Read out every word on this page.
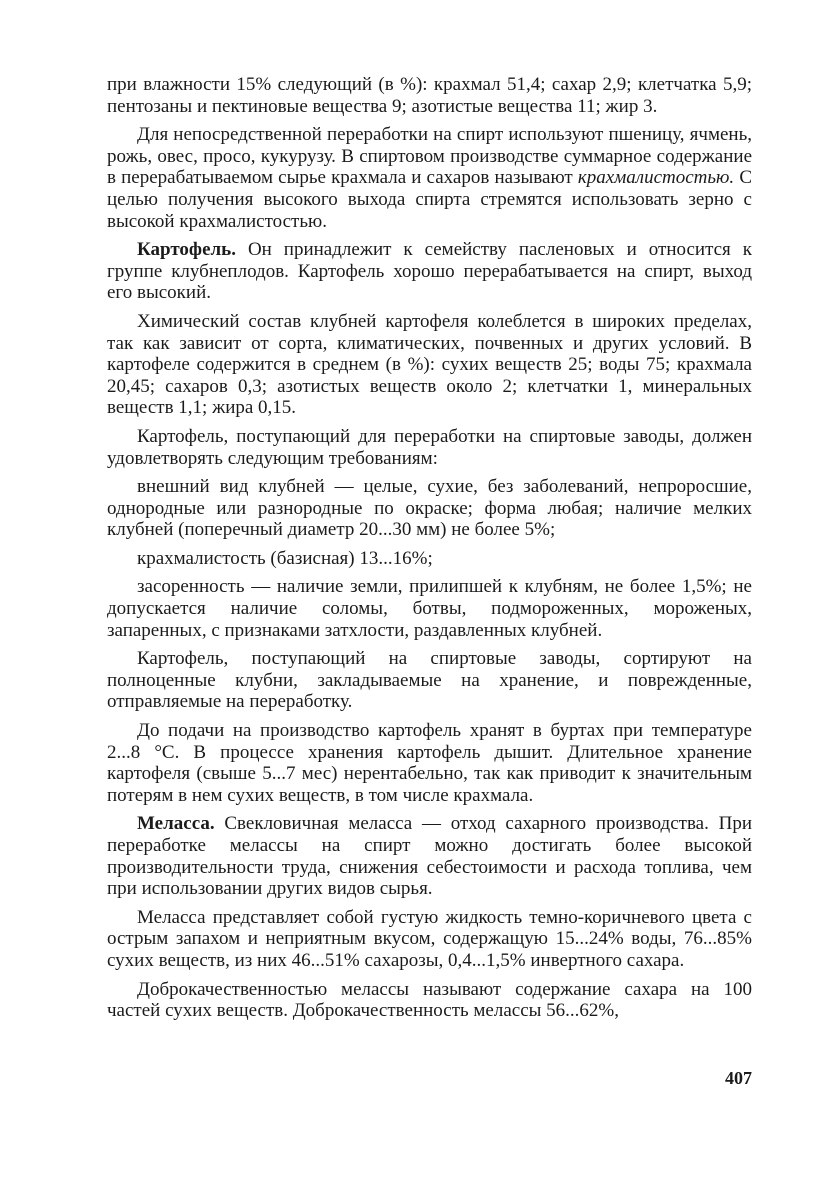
при влажности 15% следующий (в %): крахмал 51,4; сахар 2,9; клетчатка 5,9; пентозаны и пектиновые вещества 9; азотистые вещества 11; жир 3.

Для непосредственной переработки на спирт используют пшеницу, ячмень, рожь, овес, просо, кукурузу. В спиртовом производстве суммарное содержание в перерабатываемом сырье крахмала и сахаров называют крахмалистостью. С целью получения высокого выхода спирта стремятся использовать зерно с высокой крахмалистостью.

Картофель. Он принадлежит к семейству пасленовых и относится к группе клубнеплодов. Картофель хорошо перерабатывается на спирт, выход его высокий.

Химический состав клубней картофеля колеблется в широких пределах, так как зависит от сорта, климатических, почвенных и других условий. В картофеле содержится в среднем (в %): сухих веществ 25; воды 75; крахмала 20,45; сахаров 0,3; азотистых веществ около 2; клетчатки 1, минеральных веществ 1,1; жира 0,15.

Картофель, поступающий для переработки на спиртовые заводы, должен удовлетворять следующим требованиям:

внешний вид клубней — целые, сухие, без заболеваний, непроросшие, однородные или разнородные по окраске; форма любая; наличие мелких клубней (поперечный диаметр 20...30 мм) не более 5%;

крахмалистость (базисная) 13...16%;

засоренность — наличие земли, прилипшей к клубням, не более 1,5%; не допускается наличие соломы, ботвы, подмороженных, мороженых, запаренных, с признаками затхлости, раздавленных клубней.

Картофель, поступающий на спиртовые заводы, сортируют на полноценные клубни, закладываемые на хранение, и поврежденные, отправляемые на переработку.

До подачи на производство картофель хранят в буртах при температуре 2...8 °С. В процессе хранения картофель дышит. Длительное хранение картофеля (свыше 5...7 мес) нерентабельно, так как приводит к значительным потерям в нем сухих веществ, в том числе крахмала.

Меласса. Свекловичная меласса — отход сахарного производства. При переработке мелассы на спирт можно достигать более высокой производительности труда, снижения себестоимости и расхода топлива, чем при использовании других видов сырья.

Меласса представляет собой густую жидкость темно-коричневого цвета с острым запахом и неприятным вкусом, содержащую 15...24% воды, 76...85% сухих веществ, из них 46...51% сахарозы, 0,4...1,5% инвертного сахара.

Доброкачественностью мелассы называют содержание сахара на 100 частей сухих веществ. Доброкачественность мелассы 56...62%,

407
